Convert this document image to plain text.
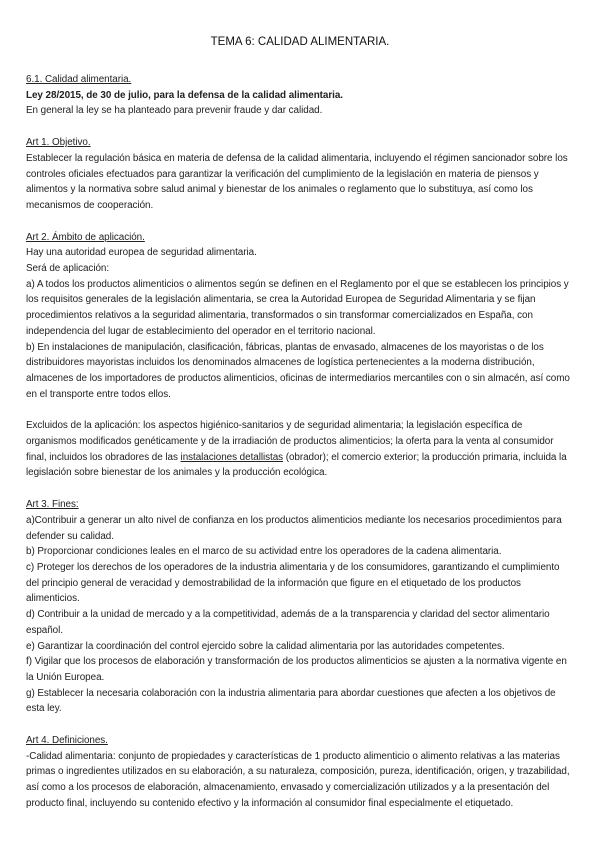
TEMA 6: CALIDAD ALIMENTARIA.

6.1. Calidad alimentaria.

Ley 28/2015, de 30 de julio, para la defensa de la calidad alimentaria.

En general la ley se ha planteado para prevenir fraude y dar calidad.

Art 1. Objetivo.

Establecer la regulación básica en materia de defensa de la calidad alimentaria, incluyendo el régimen sancionador sobre los controles oficiales efectuados para garantizar la verificación del cumplimiento de la legislación en materia de piensos y alimentos y la normativa sobre salud animal y bienestar de los animales o reglamento que lo substituya, así como los mecanismos de cooperación.

Art 2. Ámbito de aplicación.

Hay una autoridad europea de seguridad alimentaria.

Será de aplicación:

a) A todos los productos alimenticios o alimentos según se definen en el Reglamento por el que se establecen los principios y los requisitos generales de la legislación alimentaria, se crea la Autoridad Europea de Seguridad Alimentaria y se fijan procedimientos relativos a la seguridad alimentaria, transformados o sin transformar comercializados en España, con independencia del lugar de establecimiento del operador en el territorio nacional.

b) En instalaciones de manipulación, clasificación, fábricas, plantas de envasado, almacenes de los mayoristas o de los distribuidores mayoristas incluidos los denominados almacenes de logística pertenecientes a la moderna distribución, almacenes de los importadores de productos alimenticios, oficinas de intermediarios mercantiles con o sin almacén, así como en el transporte entre todos ellos.

Excluidos de la aplicación: los aspectos higiénico-sanitarios y de seguridad alimentaria; la legislación específica de organismos modificados genéticamente y de la irradiación de productos alimenticios; la oferta para la venta al consumidor final, incluidos los obradores de las instalaciones detallistas (obrador); el comercio exterior; la producción primaria, incluida la legislación sobre bienestar de los animales y la producción ecológica.

Art 3. Fines:

a)Contribuir a generar un alto nivel de confianza en los productos alimenticios mediante los necesarios procedimientos para defender su calidad.

b) Proporcionar condiciones leales en el marco de su actividad entre los operadores de la cadena alimentaria.

c) Proteger los derechos de los operadores de la industria alimentaria y de los consumidores, garantizando el cumplimiento del principio general de veracidad y demostrabilidad de la información que figure en el etiquetado de los productos alimenticios.

d) Contribuir a la unidad de mercado y a la competitividad, además de a la transparencia y claridad del sector alimentario español.

e) Garantizar la coordinación del control ejercido sobre la calidad alimentaria por las autoridades competentes.

f) Vigilar que los procesos de elaboración y transformación de los productos alimenticios se ajusten a la normativa vigente en la Unión Europea.

g) Establecer la necesaria colaboración con la industria alimentaria para abordar cuestiones que afecten a los objetivos de esta ley.

Art 4. Definiciones.

-Calidad alimentaria: conjunto de propiedades y características de 1 producto alimenticio o alimento relativas a las materias primas o ingredientes utilizados en su elaboración, a su naturaleza, composición, pureza, identificación, origen, y trazabilidad, así como a los procesos de elaboración, almacenamiento, envasado y comercialización utilizados y a la presentación del producto final, incluyendo su contenido efectivo y la información al consumidor final especialmente el etiquetado.
